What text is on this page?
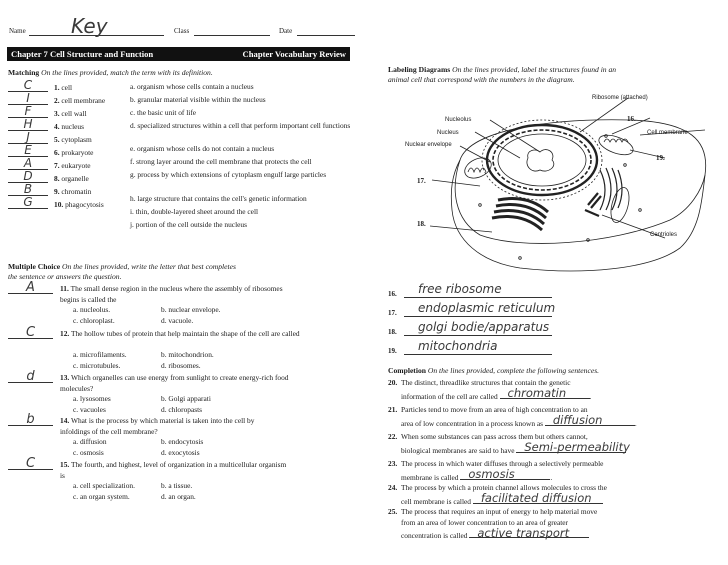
Name Key	Class	Date
Chapter 7 Cell Structure and Function	Chapter Vocabulary Review
Matching On the lines provided, match the term with its definition.
C	1. cell
I	2. cell membrane
F	3. cell wall
H	4. nucleus
J	5. cytoplasm
E	6. prokaryote
A	7. eukaryote
D	8. organelle
B	9. chromatin
G	10. phagocytosis
a. organism whose cells contain a nucleus
b. granular material visible within the nucleus
c. the basic unit of life
d. specialized structures within a cell that perform important cell functions
e. organism whose cells do not contain a nucleus
f. strong layer around the cell membrane that protects the cell
g. process by which extensions of cytoplasm engulf large particles
h. large structure that contains the cell's genetic information
i. thin, double-layered sheet around the cell
j. portion of the cell outside the nucleus
Multiple Choice On the lines provided, write the letter that best completes
the sentence or answers the question.
A	11. The small dense region in the nucleus where the assembly of ribosomes begins is called the
a. nucleolus.	b. nuclear envelope.
c. chloroplast.	d. vacuole.
C	12. The hollow tubes of protein that help maintain the shape of the cell are called
a. microfilaments.	b. mitochondrion.
c. microtubules.	d. ribosomes.
d	13. Which organelles can use energy from sunlight to create energy-rich food molecules?
a. lysosomes	b. Golgi apparati
c. vacuoles	d. chloropasts
b	14. What is the process by which material is taken into the cell by infoldings of the cell membrane?
a. diffusion	b. endocytosis
c. osmosis	d. exocytosis
C	15. The fourth, and highest, level of organization in a multicellular organism is
a. cell specialization.	b. a tissue.
c. an organ system.	d. an organ.
Labeling Diagrams On the lines provided, label the structures found in an
animal cell that correspond with the numbers in the diagram.
Ribosome (attached)
Nucleolus
Nucleus
Nuclear envelope
Cell membrane
Centrioles
16.
17.
18.
19.
16. free ribosome
17. endoplasmic reticulum
18. golgi bodie/apparatus
19. mitochondria
Completion On the lines provided, complete the following sentences.
20. The distinct, threadlike structures that contain the genetic
information of the cell are called chromatin	.
21. Particles tend to move from an area of high concentration to an
area of low concentration in a process known as diffusion	.
22. When some substances can pass across them but others cannot,
biological membranes are said to have Semi-permeability
23. The process in which water diffuses through a selectively permeable
membrane is called osmosis	.
24. The process by which a protein channel allows molecules to cross the
cell membrane is called facilitated diffusion
25. The process that requires an input of energy to help material move
from an area of lower concentration to an area of greater
concentration is called active transport
